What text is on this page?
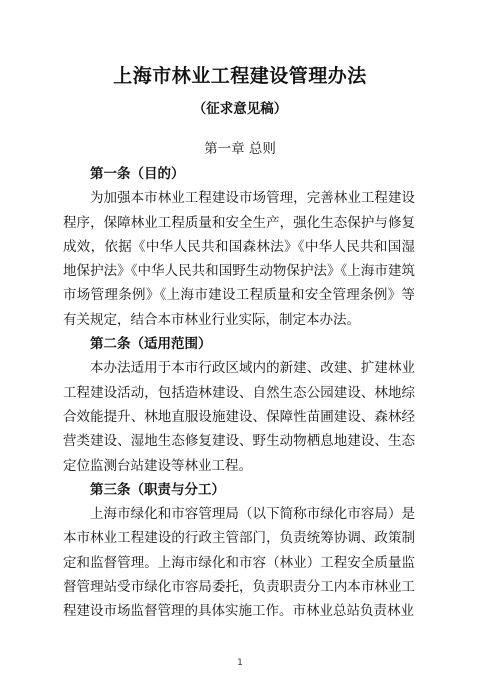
上海市林业工程建设管理办法
（征求意见稿）
第一章 总则

第一条（目的）

为加强本市林业工程建设市场管理，完善林业工程建设程序，保障林业工程质量和安全生产，强化生态保护与修复成效，依据《中华人民共和国森林法》《中华人民共和国湿地保护法》《中华人民共和国野生动物保护法》《上海市建筑市场管理条例》《上海市建设工程质量和安全管理条例》等有关规定，结合本市林业行业实际，制定本办法。

第二条（适用范围）

本办法适用于本市行政区域内的新建、改建、扩建林业工程建设活动，包括造林建设、自然生态公园建设、林地综合效能提升、林地直服设施建设、保障性苗圃建设、森林经营类建设、湿地生态修复建设、野生动物栖息地建设、生态定位监测台站建设等林业工程。

第三条（职责与分工）

上海市绿化和市容管理局（以下简称市绿化市容局）是本市林业工程建设的行政主管部门，负责统筹协调、政策制定和监督管理。上海市绿化和市容（林业）工程安全质量监督管理站受市绿化市容局委托，负责职责分工内本市林业工程建设市场监督管理的具体实施工作。市林业总站负责林业

1
